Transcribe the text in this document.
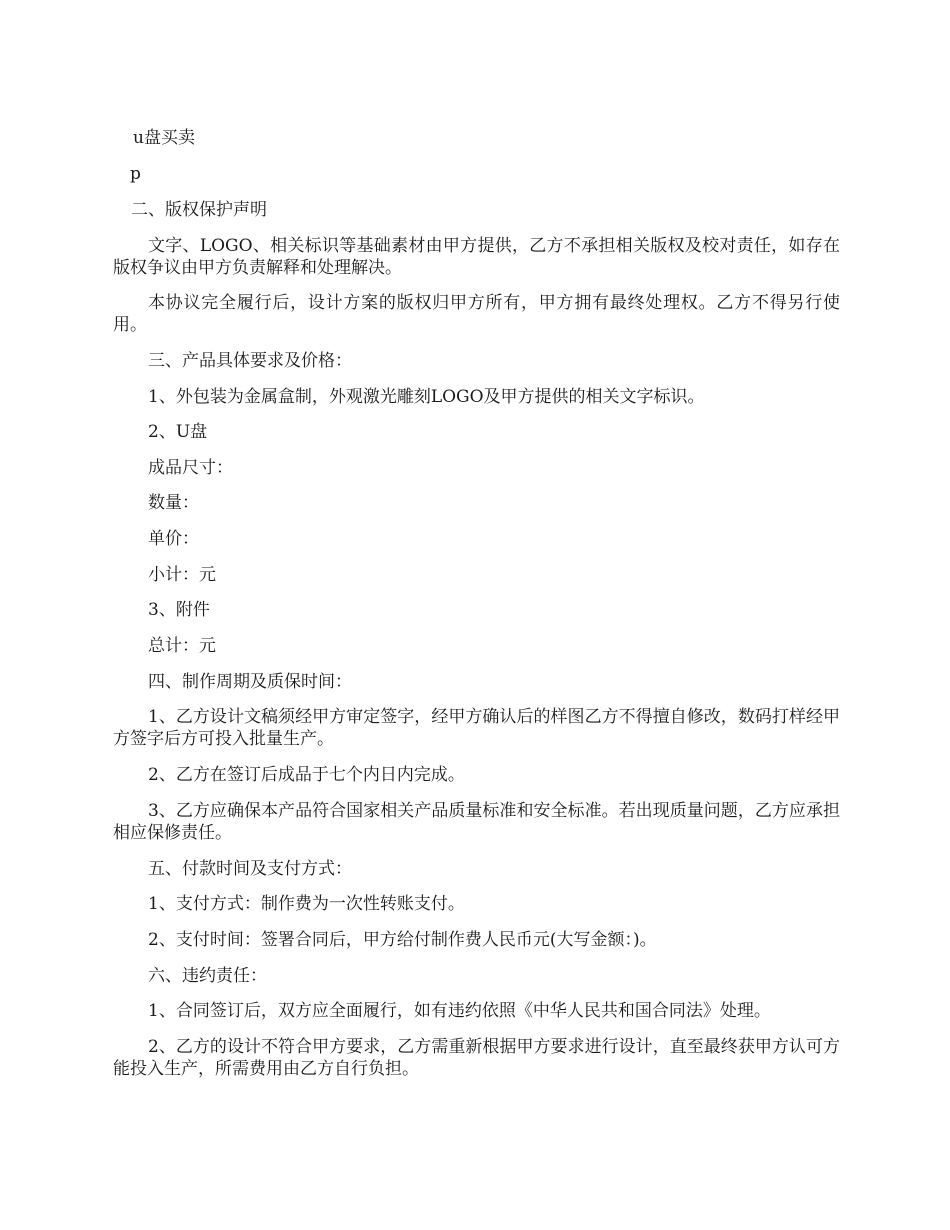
u盘买卖
p
二、版权保护声明
文字、LOGO、相关标识等基础素材由甲方提供，乙方不承担相关版权及校对责任，如存在版权争议由甲方负责解释和处理解决。
本协议完全履行后，设计方案的版权归甲方所有，甲方拥有最终处理权。乙方不得另行使用。
三、产品具体要求及价格：
1、外包装为金属盒制，外观激光雕刻LOGO及甲方提供的相关文字标识。
2、U盘
成品尺寸：
数量：
单价：
小计：元
3、附件
总计：元
四、制作周期及质保时间：
1、乙方设计文稿须经甲方审定签字，经甲方确认后的样图乙方不得擅自修改，数码打样经甲方签字后方可投入批量生产。
2、乙方在签订后成品于七个内日内完成。
3、乙方应确保本产品符合国家相关产品质量标准和安全标准。若出现质量问题，乙方应承担相应保修责任。
五、付款时间及支付方式：
1、支付方式：制作费为一次性转账支付。
2、支付时间：签署合同后，甲方给付制作费人民币元(大写金额：)。
六、违约责任：
1、合同签订后，双方应全面履行，如有违约依照《中华人民共和国合同法》处理。
2、乙方的设计不符合甲方要求，乙方需重新根据甲方要求进行设计，直至最终获甲方认可方能投入生产，所需费用由乙方自行负担。
